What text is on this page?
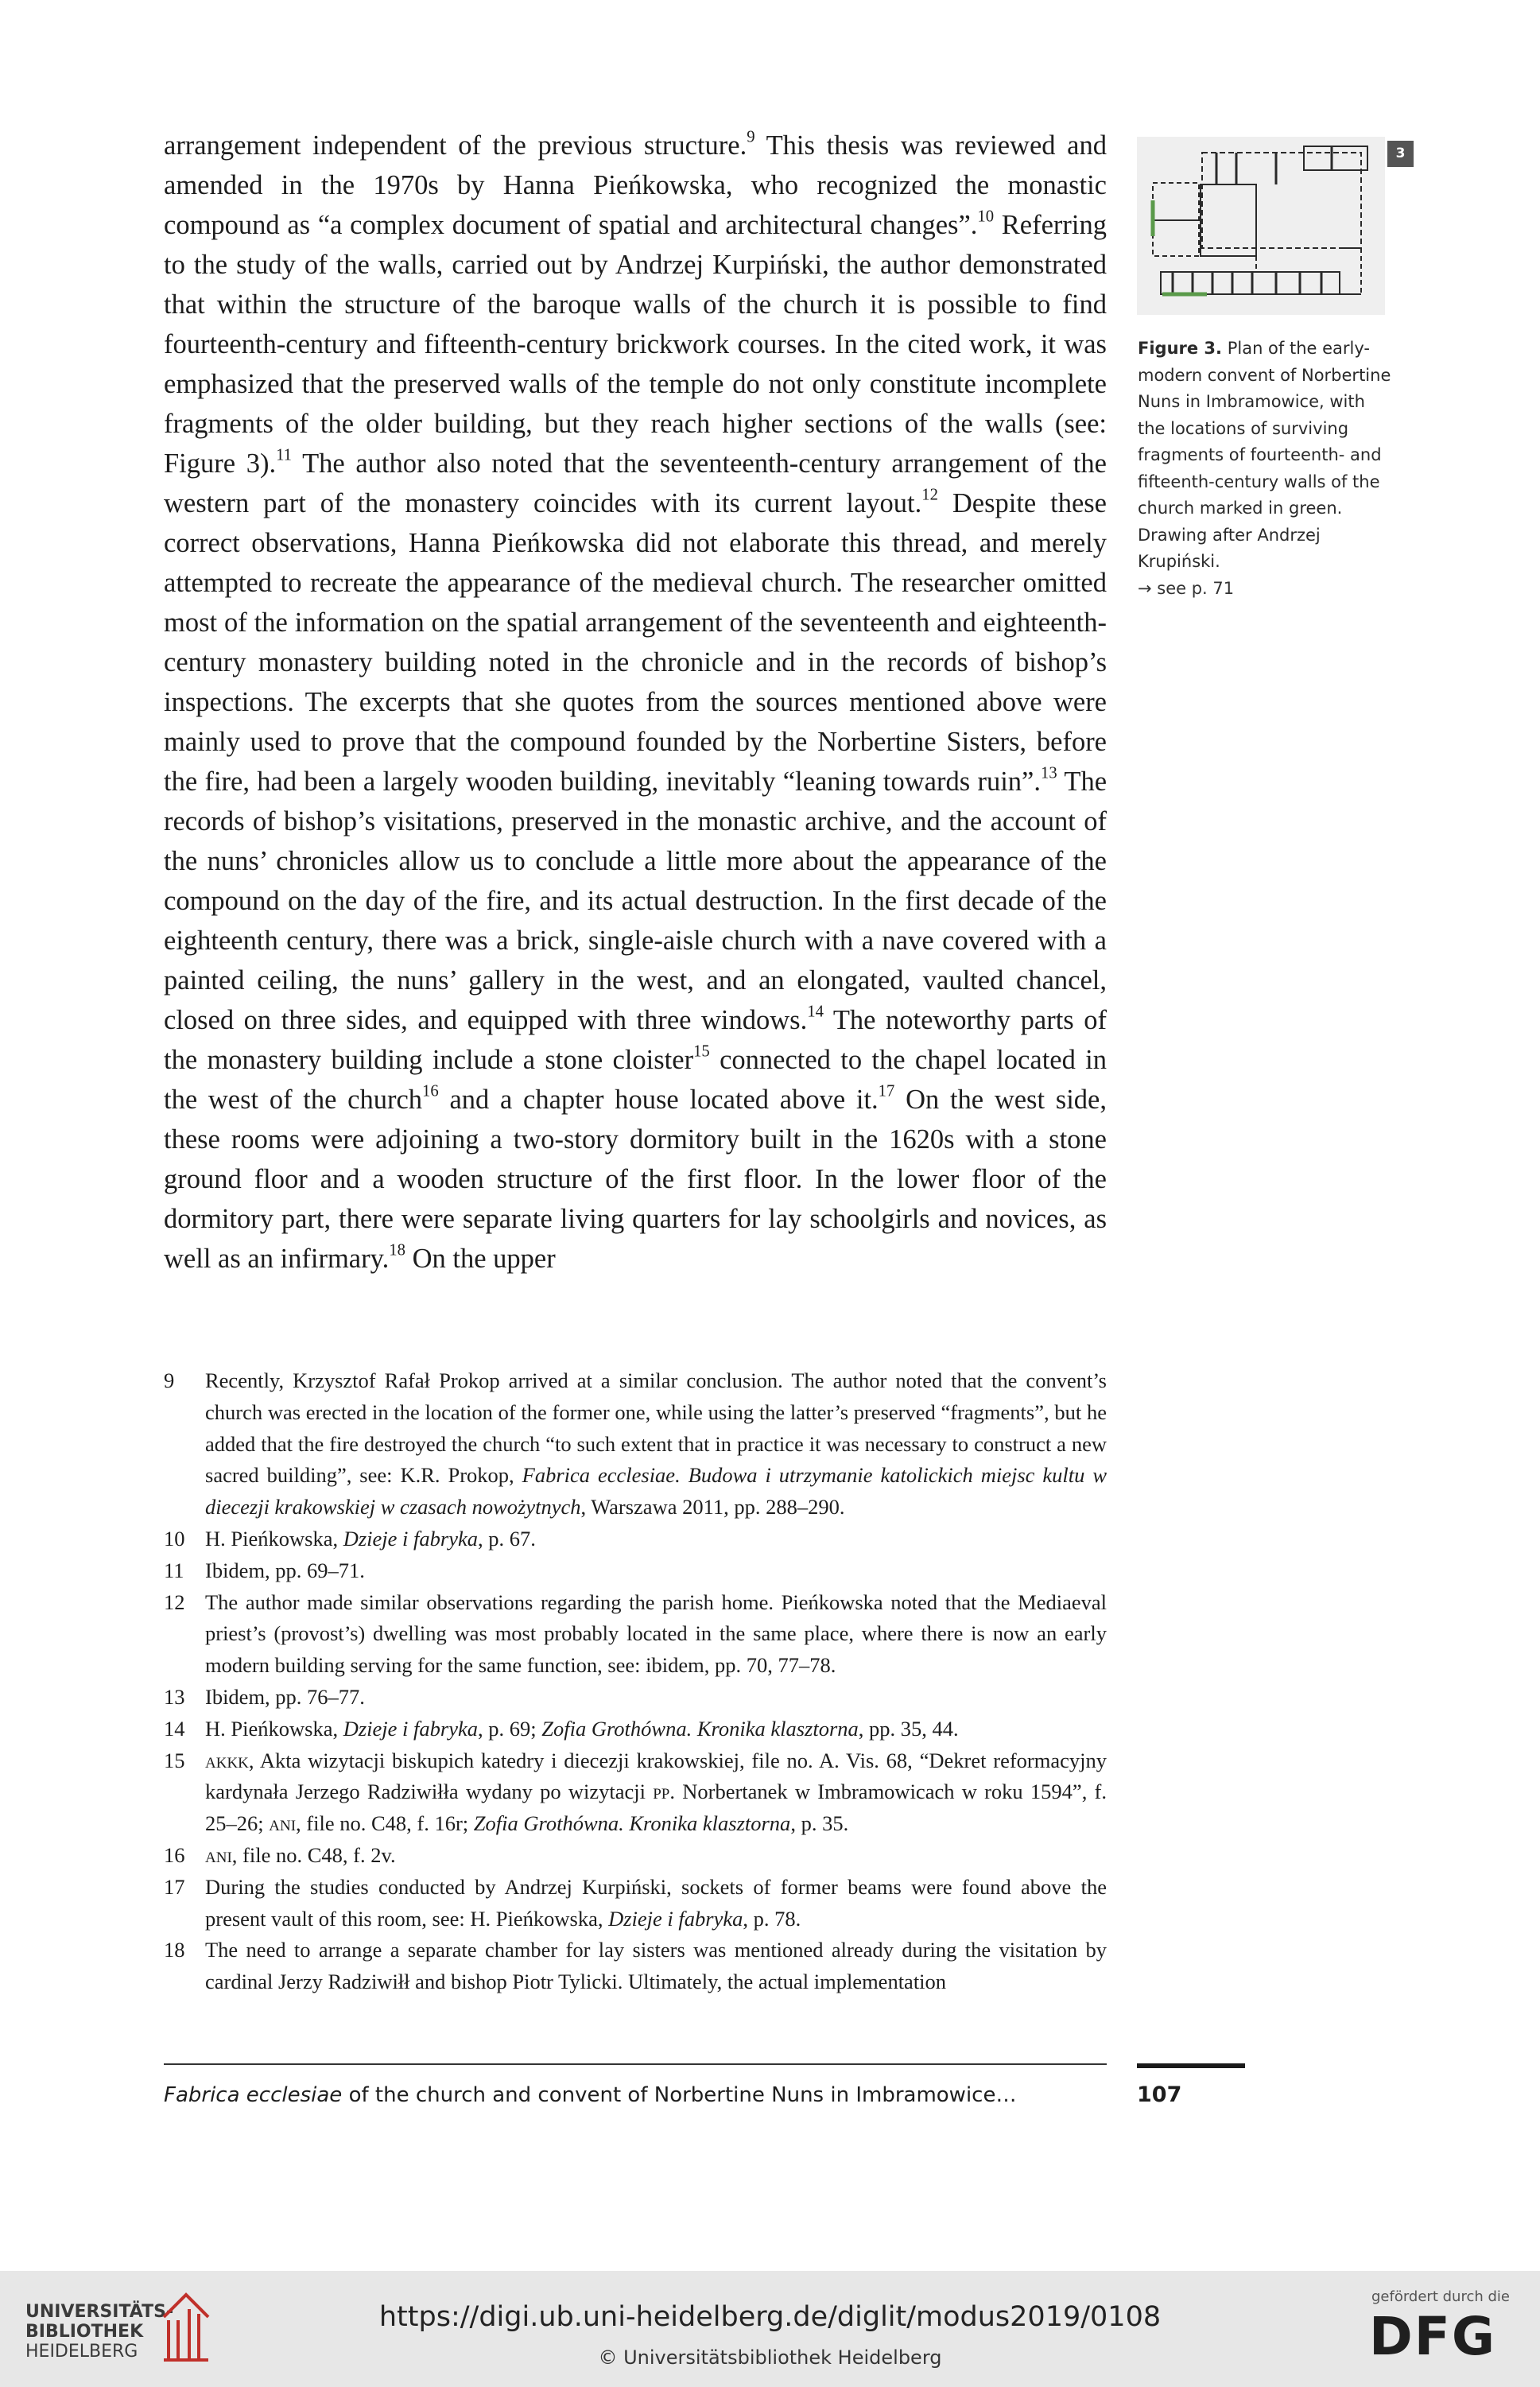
arrangement independent of the previous structure.$^9$ This thesis was reviewed and amended in the 1970s by Hanna Pieńkowska, who recognized the monastic compound as “a complex document of spatial and architectural changes”.$^{10}$ Referring to the study of the walls, carried out by Andrzej Kurpiński, the author demonstrated that within the structure of the baroque walls of the church it is possible to find fourteenth-century and fifteenth-century brickwork courses. In the cited work, it was emphasized that the preserved walls of the temple do not only constitute incomplete fragments of the older building, but they reach higher sections of the walls (see: Figure 3).$^{11}$ The author also noted that the seventeenth-century arrangement of the western part of the monastery coincides with its current layout.$^{12}$ Despite these correct observations, Hanna Pieńkowska did not elaborate this thread, and merely attempted to recreate the appearance of the medieval church. The researcher omitted most of the information on the spatial arrangement of the seventeenth and eighteenth-century monastery building noted in the chronicle and in the records of bishop’s inspections. The excerpts that she quotes from the sources mentioned above were mainly used to prove that the compound founded by the Norbertine Sisters, before the fire, had been a largely wooden building, inevitably “leaning towards ruin”.$^{13}$ The records of bishop’s visitations, preserved in the monastic archive, and the account of the nuns’ chronicles allow us to conclude a little more about the appearance of the compound on the day of the fire, and its actual destruction. In the first decade of the eighteenth century, there was a brick, single-aisle church with a nave covered with a painted ceiling, the nuns’ gallery in the west, and an elongated, vaulted chancel, closed on three sides, and equipped with three windows.$^{14}$ The noteworthy parts of the monastery building include a stone cloister$^{15}$ connected to the chapel located in the west of the church$^{16}$ and a chapter house located above it.$^{17}$ On the west side, these rooms were adjoining a two-story dormitory built in the 1620s with a stone ground floor and a wooden structure of the first floor. In the lower floor of the dormitory part, there were separate living quarters for lay schoolgirls and novices, as well as an infirmary.$^{18}$ On the upper

3
Figure 3. Plan of the early-modern convent of Norbertine Nuns in Imbramowice, with the locations of surviving fragments of fourteenth- and fifteenth-century walls of the church marked in green. Drawing after Andrzej Krupiński.
→ see p. 71
9 Recently, Krzysztof Rafał Prokop arrived at a similar conclusion. The author noted that the convent’s church was erected in the location of the former one, while using the latter’s preserved “fragments”, but he added that the fire destroyed the church “to such extent that in practice it was necessary to construct a new sacred building”, see: K.R. Prokop, Fabrica ecclesiae. Budowa i utrzymanie katolickich miejsc kultu w diecezji krakowskiej w czasach nowożytnych, Warszawa 2011, pp. 288–290.
10 H. Pieńkowska, Dzieje i fabryka, p. 67.
11 Ibidem, pp. 69–71.
12 The author made similar observations regarding the parish home. Pieńkowska noted that the Mediaeval priest’s (provost’s) dwelling was most probably located in the same place, where there is now an early modern building serving for the same function, see: ibidem, pp. 70, 77–78.
13 Ibidem, pp. 76–77.
14 H. Pieńkowska, Dzieje i fabryka, p. 69; Zofia Grothówna. Kronika klasztorna, pp. 35, 44.
15 akkk, Akta wizytacji biskupich katedry i diecezji krakowskiej, file no. A. Vis. 68, “Dekret reformacyjny kardynała Jerzego Radziwiłła wydany po wizytacji pp. Norbertanek w Imbramowicach w roku 1594”, f. 25–26; ani, file no. C48, f. 16r; Zofia Grothówna. Kronika klasztorna, p. 35.
16 ani, file no. C48, f. 2v.
17 During the studies conducted by Andrzej Kurpiński, sockets of former beams were found above the present vault of this room, see: H. Pieńkowska, Dzieje i fabryka, p. 78.
18 The need to arrange a separate chamber for lay sisters was mentioned already during the visitation by cardinal Jerzy Radziwiłł and bishop Piotr Tylicki. Ultimately, the actual implementation
Fabrica ecclesiae of the church and convent of Norbertine Nuns in Imbramowice…	107
UNIVERSITÄTS-
BIBLIOTHEK
HEIDELBERG
https://digi.ub.uni-heidelberg.de/diglit/modus2019/0108
© Universitätsbibliothek Heidelberg
gefördert durch die
DFG
